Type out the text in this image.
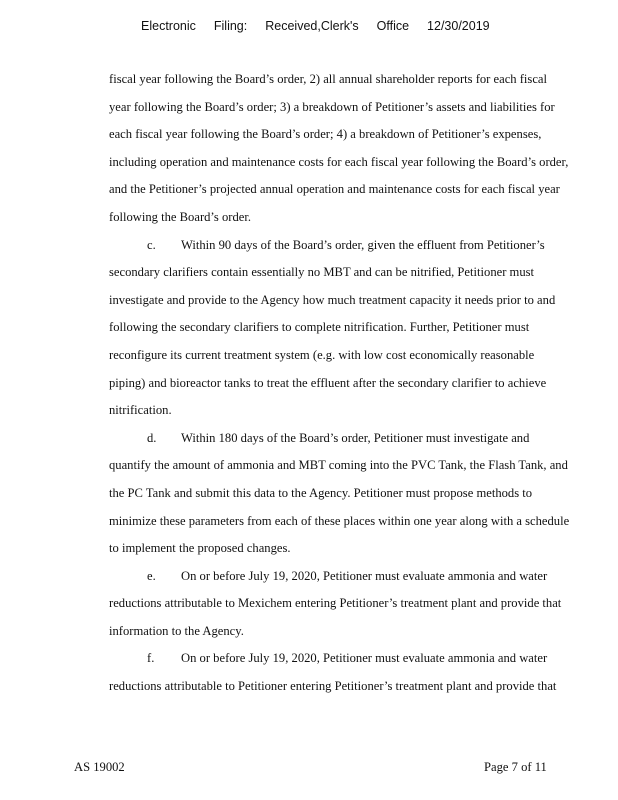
Electronic Filing: Received,Clerk's Office 12/30/2019
fiscal year following the Board’s order, 2) all annual shareholder reports for each fiscal
year following the Board’s order; 3) a breakdown of Petitioner’s assets and liabilities for
each fiscal year following the Board’s order; 4) a breakdown of Petitioner’s expenses,
including operation and maintenance costs for each fiscal year following the Board’s order,
and the Petitioner’s projected annual operation and maintenance costs for each fiscal year
following the Board’s order.
c. Within 90 days of the Board’s order, given the effluent from Petitioner’s
secondary clarifiers contain essentially no MBT and can be nitrified, Petitioner must
investigate and provide to the Agency how much treatment capacity it needs prior to and
following the secondary clarifiers to complete nitrification. Further, Petitioner must
reconfigure its current treatment system (e.g. with low cost economically reasonable
piping) and bioreactor tanks to treat the effluent after the secondary clarifier to achieve
nitrification.
d. Within 180 days of the Board’s order, Petitioner must investigate and
quantify the amount of ammonia and MBT coming into the PVC Tank, the Flash Tank, and
the PC Tank and submit this data to the Agency. Petitioner must propose methods to
minimize these parameters from each of these places within one year along with a schedule
to implement the proposed changes.
e. On or before July 19, 2020, Petitioner must evaluate ammonia and water
reductions attributable to Mexichem entering Petitioner’s treatment plant and provide that
information to the Agency.
f. On or before July 19, 2020, Petitioner must evaluate ammonia and water
reductions attributable to Petitioner entering Petitioner’s treatment plant and provide that
AS 19002	Page 7 of 11
